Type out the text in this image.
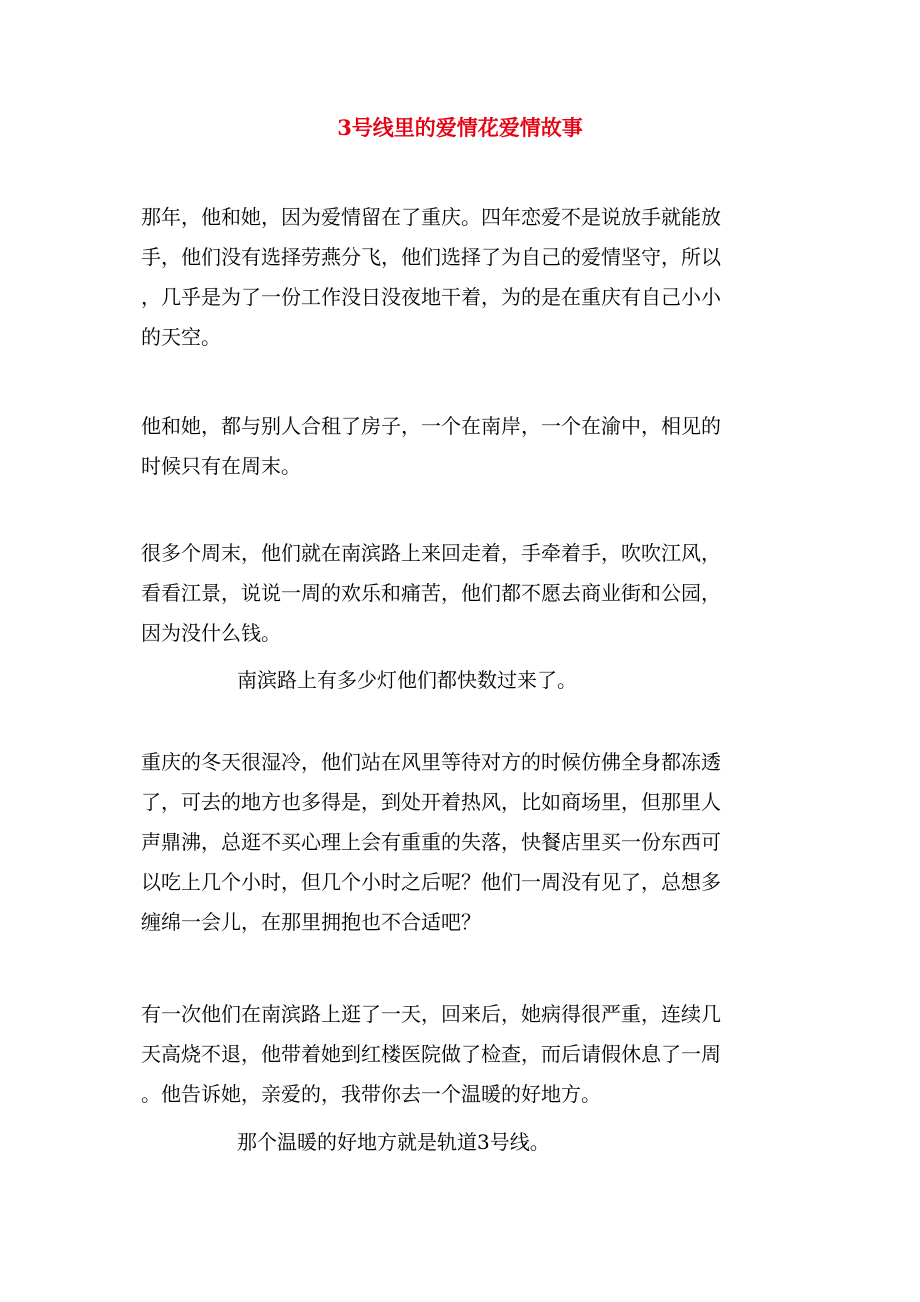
3号线里的爱情花爱情故事

那年，他和她，因为爱情留在了重庆。四年恋爱不是说放手就能放
手，他们没有选择劳燕分飞，他们选择了为自己的爱情坚守，所以
，几乎是为了一份工作没日没夜地干着，为的是在重庆有自己小小
的天空。

他和她，都与别人合租了房子，一个在南岸，一个在渝中，相见的
时候只有在周末。

很多个周末，他们就在南滨路上来回走着，手牵着手，吹吹江风，
看看江景，说说一周的欢乐和痛苦，他们都不愿去商业街和公园，
因为没什么钱。

南滨路上有多少灯他们都快数过来了。

重庆的冬天很湿冷，他们站在风里等待对方的时候仿佛全身都冻透
了，可去的地方也多得是，到处开着热风，比如商场里，但那里人
声鼎沸，总逛不买心理上会有重重的失落，快餐店里买一份东西可
以吃上几个小时，但几个小时之后呢？他们一周没有见了，总想多
缠绵一会儿，在那里拥抱也不合适吧？

有一次他们在南滨路上逛了一天，回来后，她病得很严重，连续几
天高烧不退，他带着她到红楼医院做了检查，而后请假休息了一周
。他告诉她，亲爱的，我带你去一个温暖的好地方。

那个温暖的好地方就是轨道3号线。
